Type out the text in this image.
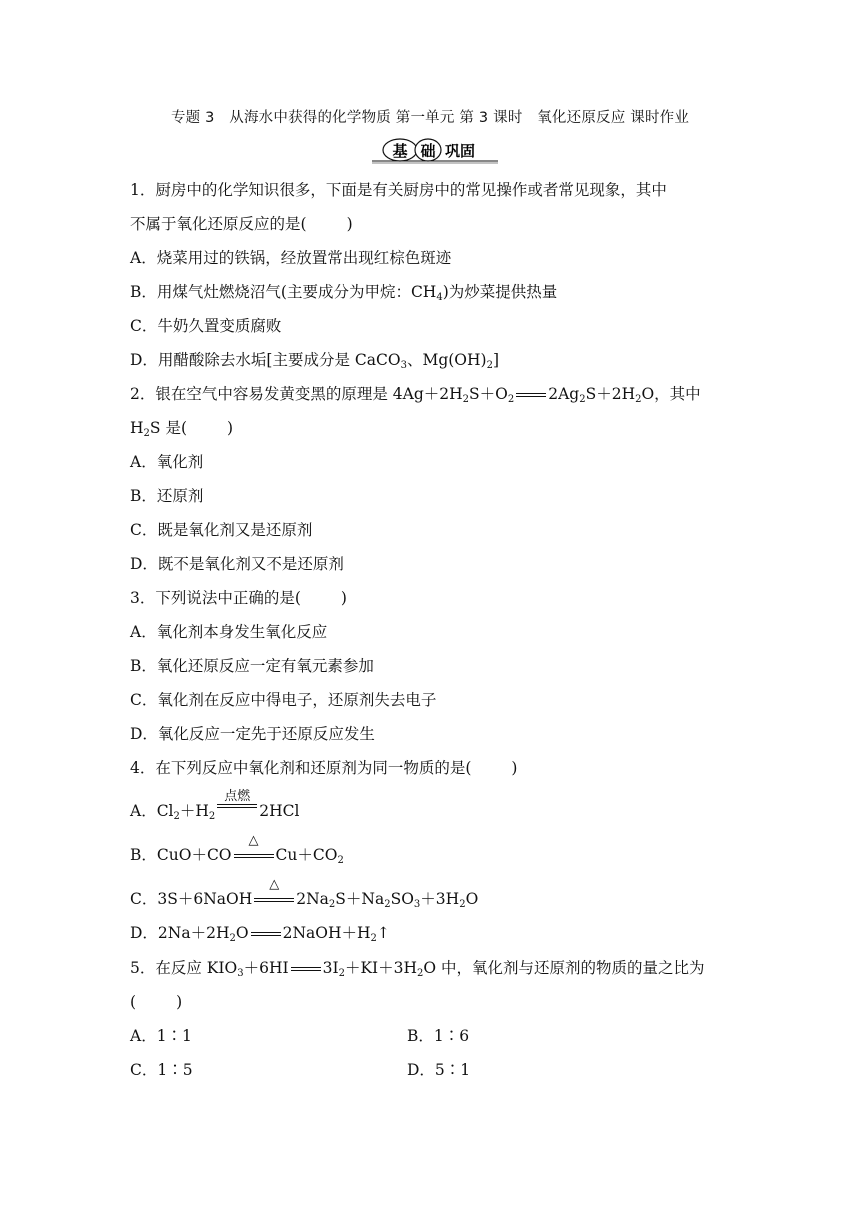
专题 3　从海水中获得的化学物质 第一单元 第 3 课时　氧化还原反应 课时作业
基 础 巩固
1．厨房中的化学知识很多，下面是有关厨房中的常见操作或者常见现象，其中
不属于氧化还原反应的是(	)
A．烧菜用过的铁锅，经放置常出现红棕色斑迹
B．用煤气灶燃烧沼气(主要成分为甲烷：$CH_4$)为炒菜提供热量
C．牛奶久置变质腐败
D．用醋酸除去水垢[主要成分是 CaCO$_3$、$Mg(OH)_2$]
2．银在空气中容易发黄变黑的原理是 $4Ag+2H_2S+O_2$ $2Ag_2S+2H_2O$，其中
$H_2S$ 是(	)
A．氧化剂
B．还原剂
C．既是氧化剂又是还原剂
D．既不是氧化剂又不是还原剂
3．下列说法中正确的是(	)
A．氧化剂本身发生氧化反应
B．氧化还原反应一定有氧元素参加
C．氧化剂在反应中得电子，还原剂失去电子
D．氧化反应一定先于还原反应发生
4．在下列反应中氧化剂和还原剂为同一物质的是(	)
A．$Cl_2+H_2$
点燃
2HCl
B．CuO＋CO
△
$Cu+CO_2$
C．3S＋6NaOH
△
$2Na_2S+Na_2SO_3+3H_2O$
D．$2Na+2H_2O$ $2NaOH+H_2↑$
5．在反应 $KIO_3+6HI$ $3I_2+KI+3H_2O$ 中，氧化剂与还原剂的物质的量之比为
(	)
A．1∶1	B．1∶6
C．1∶5	D．5∶1
